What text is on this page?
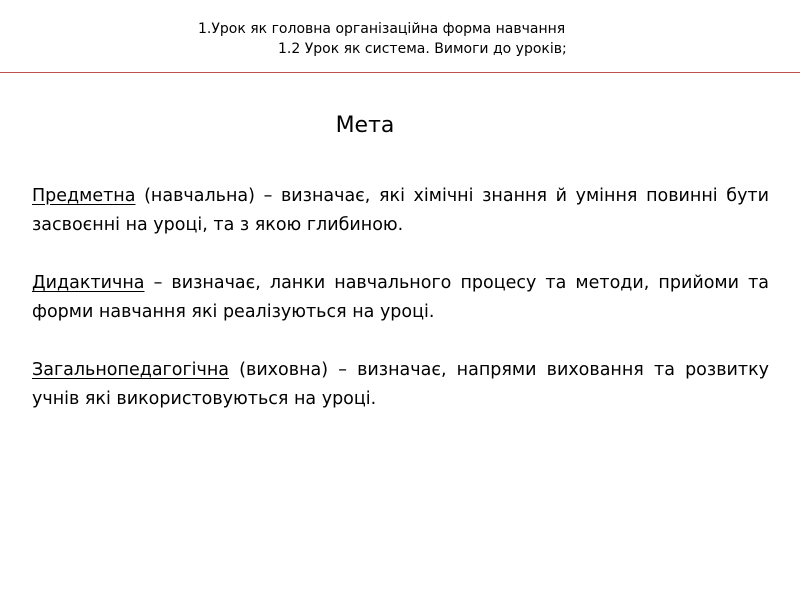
1.Урок як головна організаційна форма навчання
1.2 Урок як система. Вимоги до уроків;
Мета

Предметна (навчальна) – визначає, які хімічні знання й уміння повинні бути засвоєнні на уроці, та з якою глибиною.

Дидактична – визначає, ланки навчального процесу та методи, прийоми та форми навчання які реалізуються на уроці.

Загальнопедагогічна (виховна) – визначає, напрями виховання та розвитку учнів які використовуються на уроці.
